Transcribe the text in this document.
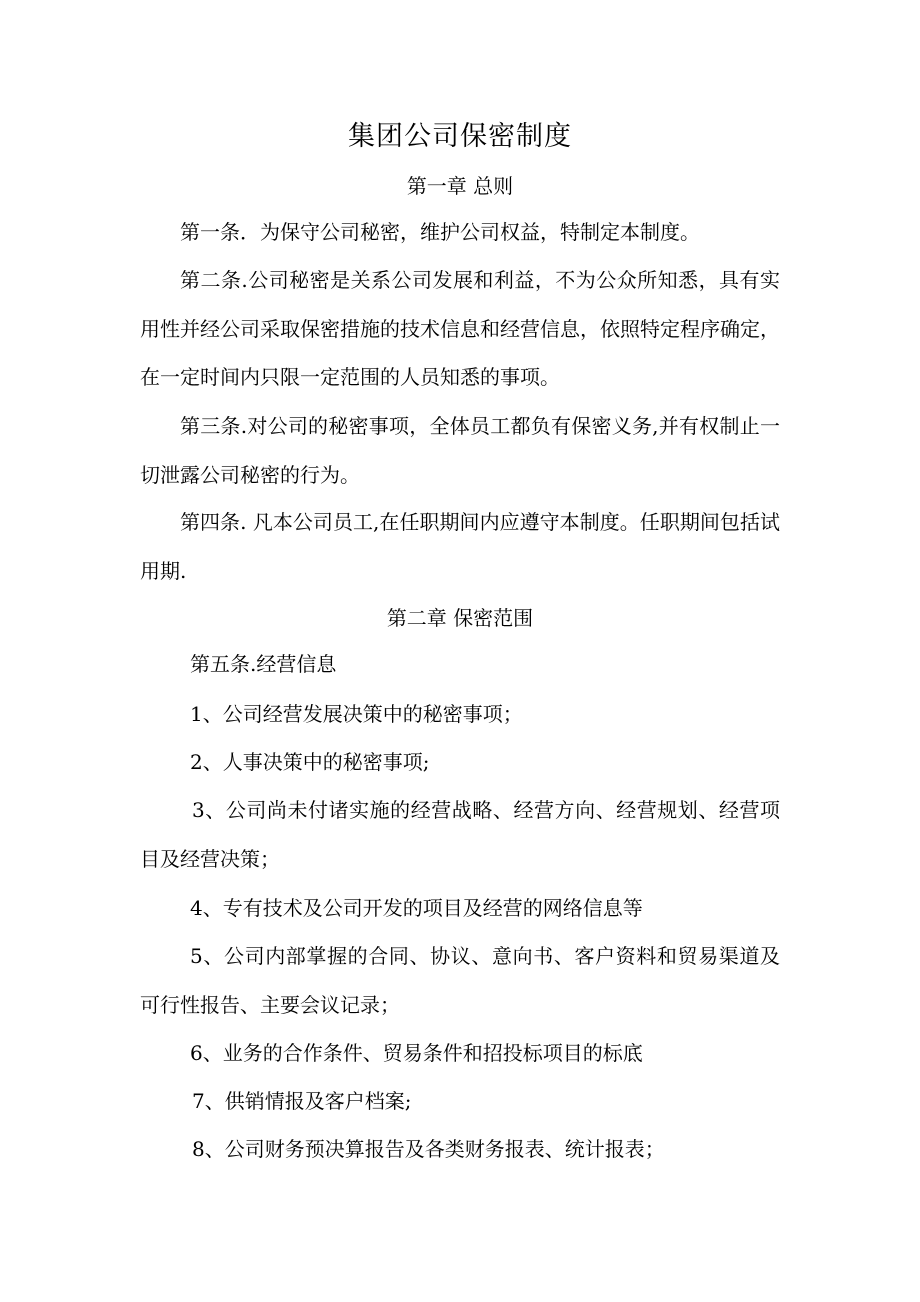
集团公司保密制度
第一章 总则
第一条．为保守公司秘密，维护公司权益，特制定本制度。
第二条.公司秘密是关系公司发展和利益，不为公众所知悉，具有实用性并经公司采取保密措施的技术信息和经营信息，依照特定程序确定，在一定时间内只限一定范围的人员知悉的事项。
第三条.对公司的秘密事项，全体员工都负有保密义务,并有权制止一切泄露公司秘密的行为。
第四条. 凡本公司员工,在任职期间内应遵守本制度。任职期间包括试用期.
第二章 保密范围
第五条.经营信息
1、公司经营发展决策中的秘密事项；
2、人事决策中的秘密事项;
3、公司尚未付诸实施的经营战略、经营方向、经营规划、经营项目及经营决策；
4、专有技术及公司开发的项目及经营的网络信息等
5、公司内部掌握的合同、协议、意向书、客户资料和贸易渠道及可行性报告、主要会议记录；
6、业务的合作条件、贸易条件和招投标项目的标底
7、供销情报及客户档案;
8、公司财务预决算报告及各类财务报表、统计报表；
